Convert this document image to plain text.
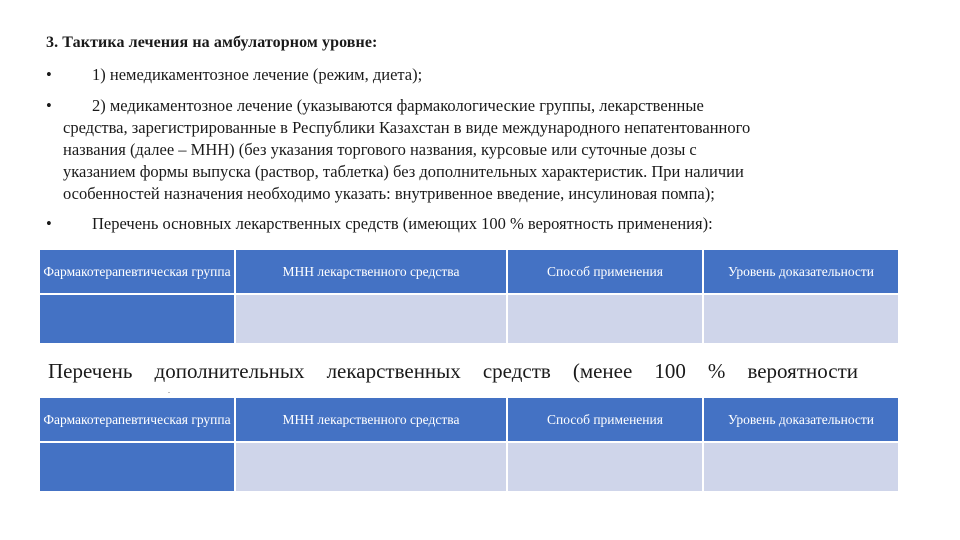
3. Тактика лечения на амбулаторном уровне:
•	1) немедикаментозное лечение (режим, диета);
•	2) медикаментозное лечение (указываются фармакологические группы, лекарственные
средства, зарегистрированные в Республики Казахстан в виде международного непатентованного
названия (далее – МНН) (без указания торгового названия, курсовые или суточные дозы с
указанием формы выпуска (раствор, таблетка) без дополнительных характеристик. При наличии
особенностей назначения необходимо указать: внутривенное введение, инсулиновая помпа);
•	Перечень основных лекарственных средств (имеющих 100 % вероятность применения):
Фармакотерапевтическая группа	МНН лекарственного средства	Способ применения	Уровень доказательности

Перечень дополнительных лекарственных средств (менее 100 % вероятности
.
Фармакотерапевтическая группа	МНН лекарственного средства	Способ применения	Уровень доказательности
